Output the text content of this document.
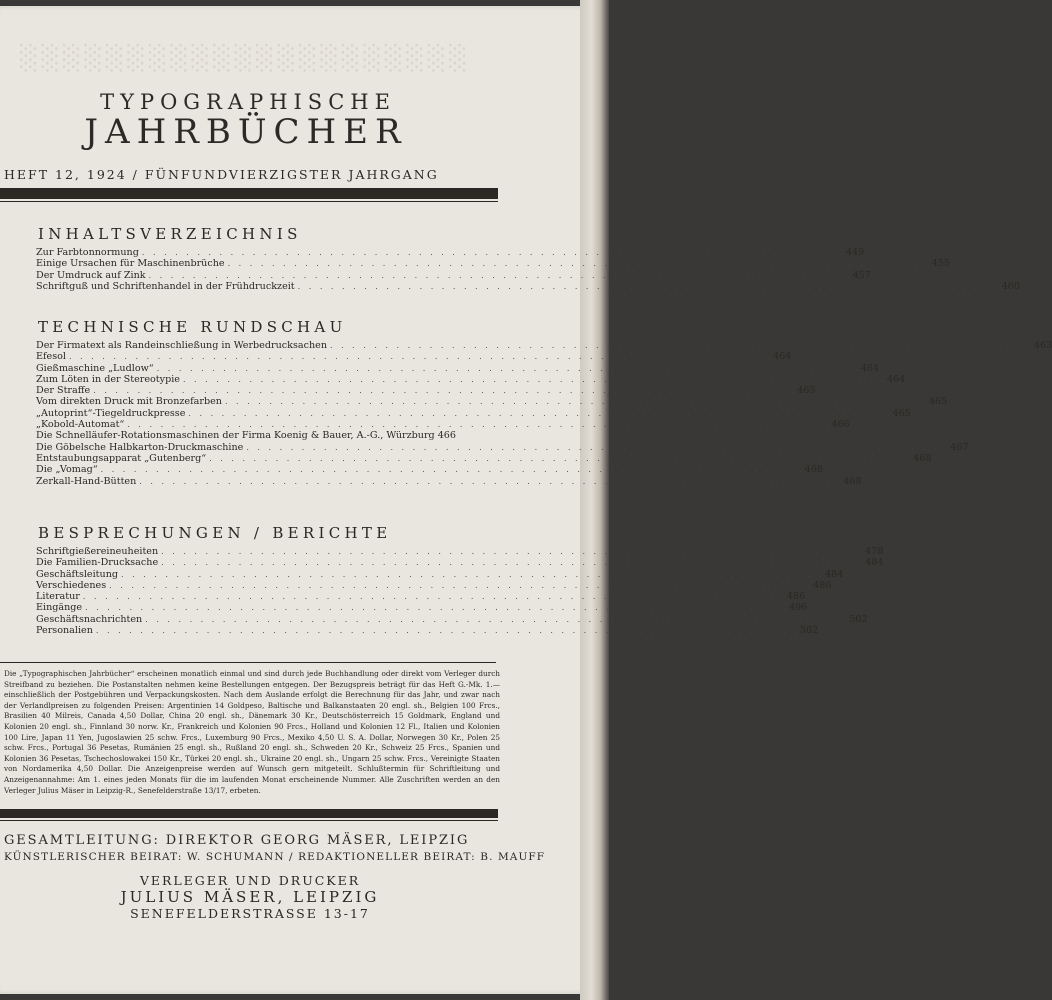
░░░░░░░░░░░░░░░░░░░░░
TYPOGRAPHISCHE
JAHRBÜCHER
HEFT 12, 1924 / FÜNFUNDVIERZIGSTER JAHRGANG
INHALTSVERZEICHNIS
Zur Farbtonnormung . . . . . . . . . . . . . . . . . . . . . . . . . . . . . . . . . . . . . . . . . . . . . . . . . . . . . . . . . . . . . . . . 449
Einige Ursachen für Maschinenbrüche . . . . . . . . . . . . . . . . . . . . . . . . . . . . . . . . . . . . . . . . . . . . . . . . . . . . . . . . . . . . . . . . 455
Der Umdruck auf Zink . . . . . . . . . . . . . . . . . . . . . . . . . . . . . . . . . . . . . . . . . . . . . . . . . . . . . . . . . . . . . . . . 457
Schriftguß und Schriftenhandel in der Frühdruckzeit . . . . . . . . . . . . . . . . . . . . . . . . . . . . . . . . . . . . . . . . . . . . . . . . . . . . . . . . . . . . . . . . 460
TECHNISCHE RUNDSCHAU
Der Firmatext als Randeinschließung in Werbedrucksachen . . . . . . . . . . . . . . . . . . . . . . . . . . . . . . . . . . . . . . . . . . . . . . . . . . . . . . . . . . . . . . . . 463
Efesol . . . . . . . . . . . . . . . . . . . . . . . . . . . . . . . . . . . . . . . . . . . . . . . . . . . . . . . . . . . . . . . . 464
Gießmaschine „Ludlow“ . . . . . . . . . . . . . . . . . . . . . . . . . . . . . . . . . . . . . . . . . . . . . . . . . . . . . . . . . . . . . . . . 464
Zum Löten in der Stereotypie . . . . . . . . . . . . . . . . . . . . . . . . . . . . . . . . . . . . . . . . . . . . . . . . . . . . . . . . . . . . . . . . 464
Der Straffe . . . . . . . . . . . . . . . . . . . . . . . . . . . . . . . . . . . . . . . . . . . . . . . . . . . . . . . . . . . . . . . . 465
Vom direkten Druck mit Bronzefarben . . . . . . . . . . . . . . . . . . . . . . . . . . . . . . . . . . . . . . . . . . . . . . . . . . . . . . . . . . . . . . . . 465
„Autoprint“-Tiegeldruckpresse . . . . . . . . . . . . . . . . . . . . . . . . . . . . . . . . . . . . . . . . . . . . . . . . . . . . . . . . . . . . . . . . 465
„Kobold-Automat“ . . . . . . . . . . . . . . . . . . . . . . . . . . . . . . . . . . . . . . . . . . . . . . . . . . . . . . . . . . . . . . . . 466
Die Schnelläufer-Rotationsmaschinen der Firma Koenig & Bauer, A.-G., Würzburg 466
Die Göbelsche Halbkarton-Druckmaschine . . . . . . . . . . . . . . . . . . . . . . . . . . . . . . . . . . . . . . . . . . . . . . . . . . . . . . . . . . . . . . . . 467
Entstaubungsapparat „Gutenberg“ . . . . . . . . . . . . . . . . . . . . . . . . . . . . . . . . . . . . . . . . . . . . . . . . . . . . . . . . . . . . . . . . 468
Die „Vomag“ . . . . . . . . . . . . . . . . . . . . . . . . . . . . . . . . . . . . . . . . . . . . . . . . . . . . . . . . . . . . . . . . 468
Zerkall-Hand-Bütten . . . . . . . . . . . . . . . . . . . . . . . . . . . . . . . . . . . . . . . . . . . . . . . . . . . . . . . . . . . . . . . . 468
BESPRECHUNGEN / BERICHTE
Schriftgießereineuheiten . . . . . . . . . . . . . . . . . . . . . . . . . . . . . . . . . . . . . . . . . . . . . . . . . . . . . . . . . . . . . . . . 478
Die Familien-Drucksache . . . . . . . . . . . . . . . . . . . . . . . . . . . . . . . . . . . . . . . . . . . . . . . . . . . . . . . . . . . . . . . . 484
Geschäftsleitung . . . . . . . . . . . . . . . . . . . . . . . . . . . . . . . . . . . . . . . . . . . . . . . . . . . . . . . . . . . . . . . . 484
Verschiedenes . . . . . . . . . . . . . . . . . . . . . . . . . . . . . . . . . . . . . . . . . . . . . . . . . . . . . . . . . . . . . . . . 486
Literatur . . . . . . . . . . . . . . . . . . . . . . . . . . . . . . . . . . . . . . . . . . . . . . . . . . . . . . . . . . . . . . . . 486
Eingänge . . . . . . . . . . . . . . . . . . . . . . . . . . . . . . . . . . . . . . . . . . . . . . . . . . . . . . . . . . . . . . . . 496
Geschäftsnachrichten . . . . . . . . . . . . . . . . . . . . . . . . . . . . . . . . . . . . . . . . . . . . . . . . . . . . . . . . . . . . . . . . 502
Personalien . . . . . . . . . . . . . . . . . . . . . . . . . . . . . . . . . . . . . . . . . . . . . . . . . . . . . . . . . . . . . . . . 502
Die „Typographischen Jahrbücher“ erscheinen monatlich einmal und sind durch jede Buchhandlung oder direkt vom Verleger durch Streifband zu beziehen. Die Postanstalten nehmen keine Bestellungen entgegen. Der Bezugspreis beträgt für das Heft G.-Mk. 1.— einschließlich der Postgebühren und Verpackungskosten. Nach dem Auslande erfolgt die Berechnung für das Jahr, und zwar nach der Verlandlpreisen zu folgenden Preisen: Argentinien 14 Goldpeso, Baltische und Balkanstaaten 20 engl. sh., Belgien 100 Frcs., Brasilien 40 Milreis, Canada 4,50 Dollar, China 20 engl. sh., Dänemark 30 Kr., Deutschösterreich 15 Goldmark, England und Kolonien 20 engl. sh., Finnland 30 norw. Kr., Frankreich und Kolonien 90 Frcs., Holland und Kolonien 12 Fl., Italien und Kolonien 100 Lire, Japan 11 Yen, Jugoslawien 25 schw. Frcs., Luxemburg 90 Frcs., Mexiko 4,50 U. S. A. Dollar, Norwegen 30 Kr., Polen 25 schw. Frcs., Portugal 36 Pesetas, Rumänien 25 engl. sh., Rußland 20 engl. sh., Schweden 20 Kr., Schweiz 25 Frcs., Spanien und Kolonien 36 Pesetas, Tschechoslowakei 150 Kr., Türkei 20 engl. sh., Ukraine 20 engl. sh., Ungarn 25 schw. Frcs., Vereinigte Staaten von Nordamerika 4,50 Dollar. Die Anzeigenpreise werden auf Wunsch gern mitgeteilt. Schlußtermin für Schriftleitung und Anzeigenannahme: Am 1. eines jeden Monats für die im laufenden Monat erscheinende Nummer. Alle Zuschriften werden an den Verleger Julius Mäser in Leipzig-R., Senefelderstraße 13/17, erbeten.
GESAMTLEITUNG: DIREKTOR GEORG MÄSER, LEIPZIG
KÜNSTLERISCHER BEIRAT: W. SCHUMANN / REDAKTIONELLER BEIRAT: B. MAUFF
VERLEGER UND DRUCKER
JULIUS MÄSER, LEIPZIG
SENEFELDERSTRASSE 13-17
